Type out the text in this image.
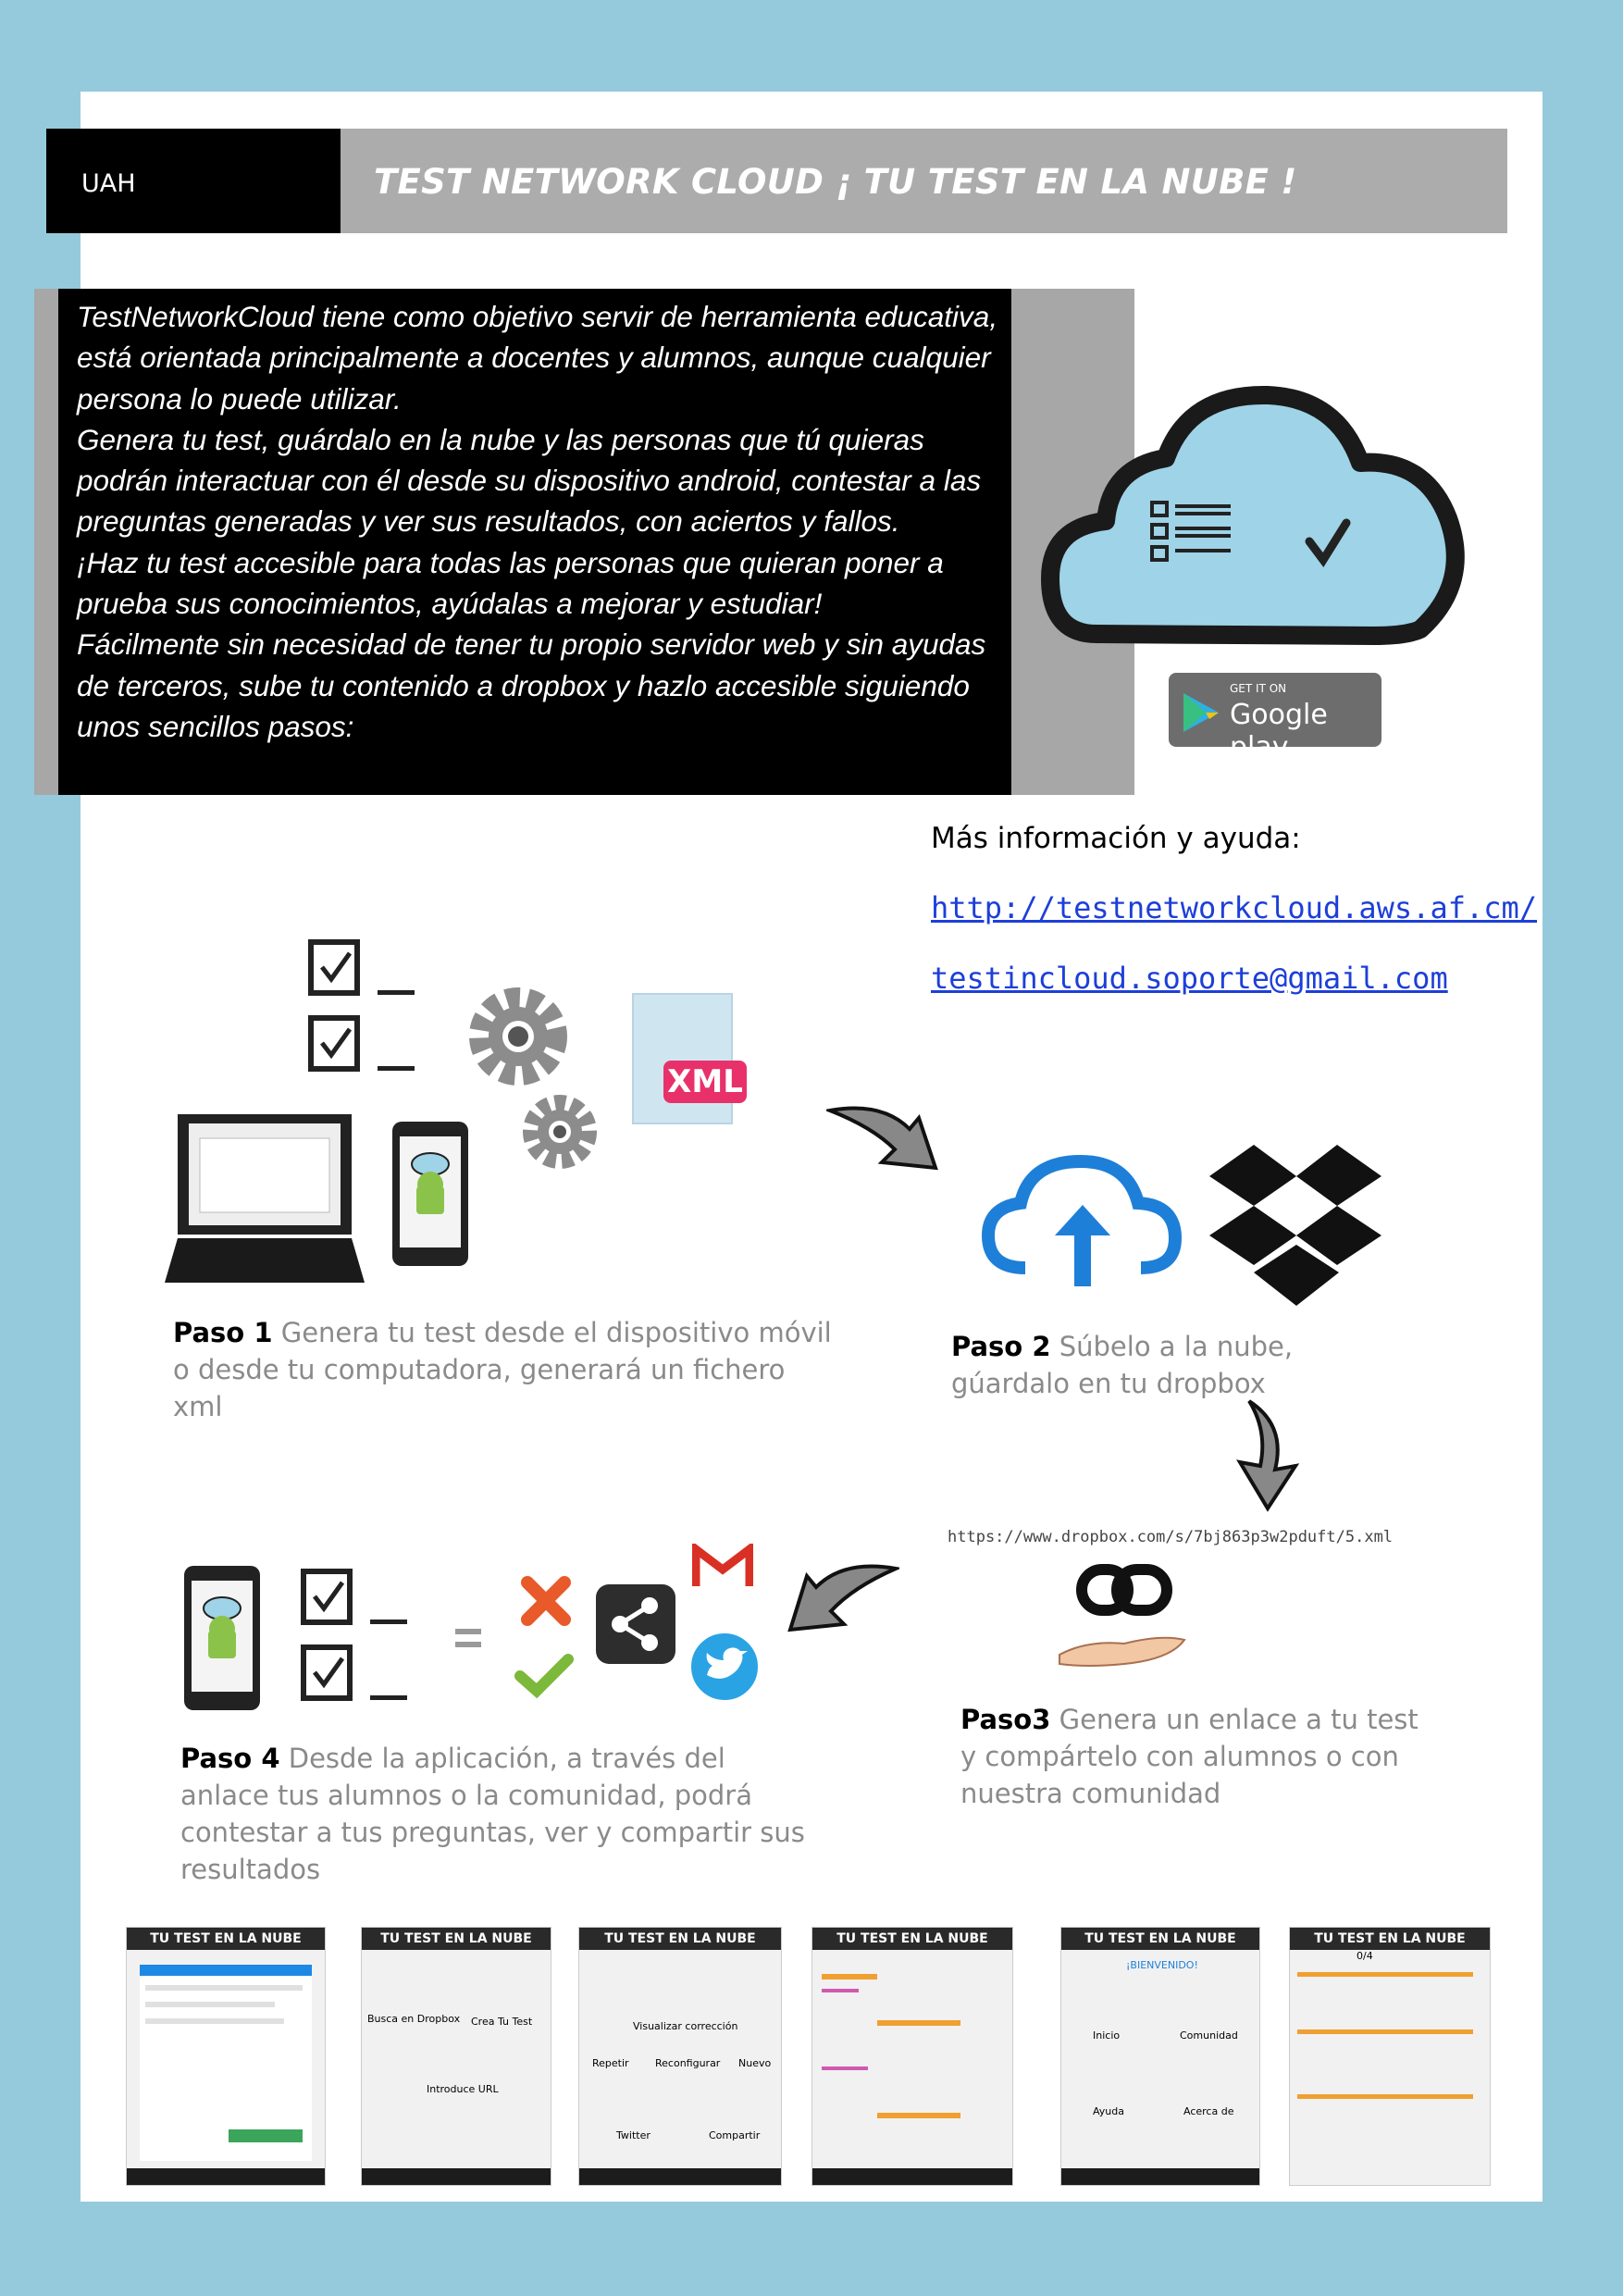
UAH	TEST NETWORK CLOUD ¡ TU TEST EN LA NUBE !

TestNetworkCloud tiene como objetivo servir de herramienta educativa, está orientada principalmente a docentes y alumnos, aunque cualquier persona lo puede utilizar.
Genera tu test, guárdalo en la nube y las personas que tú quieras podrán interactuar con él desde su dispositivo android, contestar a las preguntas generadas y ver sus resultados, con aciertos y fallos.
¡Haz tu test accesible para todas las personas que quieran poner a prueba sus conocimientos, ayúdalas a mejorar y estudiar!
Fácilmente sin necesidad de tener tu propio servidor web y sin ayudas de terceros, sube tu contenido a dropbox y hazlo accesible siguiendo unos sencillos pasos:

GET IT ON
Google play
Más información y ayuda:
http://testnetworkcloud.aws.af.cm/
testincloud.soporte@gmail.com
XML
Paso 1 Genera tu test desde el dispositivo móvil o desde tu computadora, generará un fichero xml
Paso 2 Súbelo a la nube, gúardalo en tu dropbox
https://www.dropbox.com/s/7bj863p3w2pduft/5.xml
Paso3 Genera un enlace a tu test y compártelo con alumnos o con nuestra comunidad
Paso 4 Desde la aplicación, a través del anlace tus alumnos o la comunidad, podrá contestar a tus preguntas, ver y compartir sus resultados
TU TEST EN LA NUBE	TU TEST EN LA NUBE
Busca en Dropbox Crea Tu Test
Introduce URL
TU TEST EN LA NUBE
Visualizar corrección
Repetir	Reconfigurar Nuevo
Twitter	Compartir
TU TEST EN LA NUBE	TU TEST EN LA NUBE
¡BIENVENIDO!
Inicio	Comunidad
Ayuda	Acerca de
TU TEST EN LA NUBE
0/4
